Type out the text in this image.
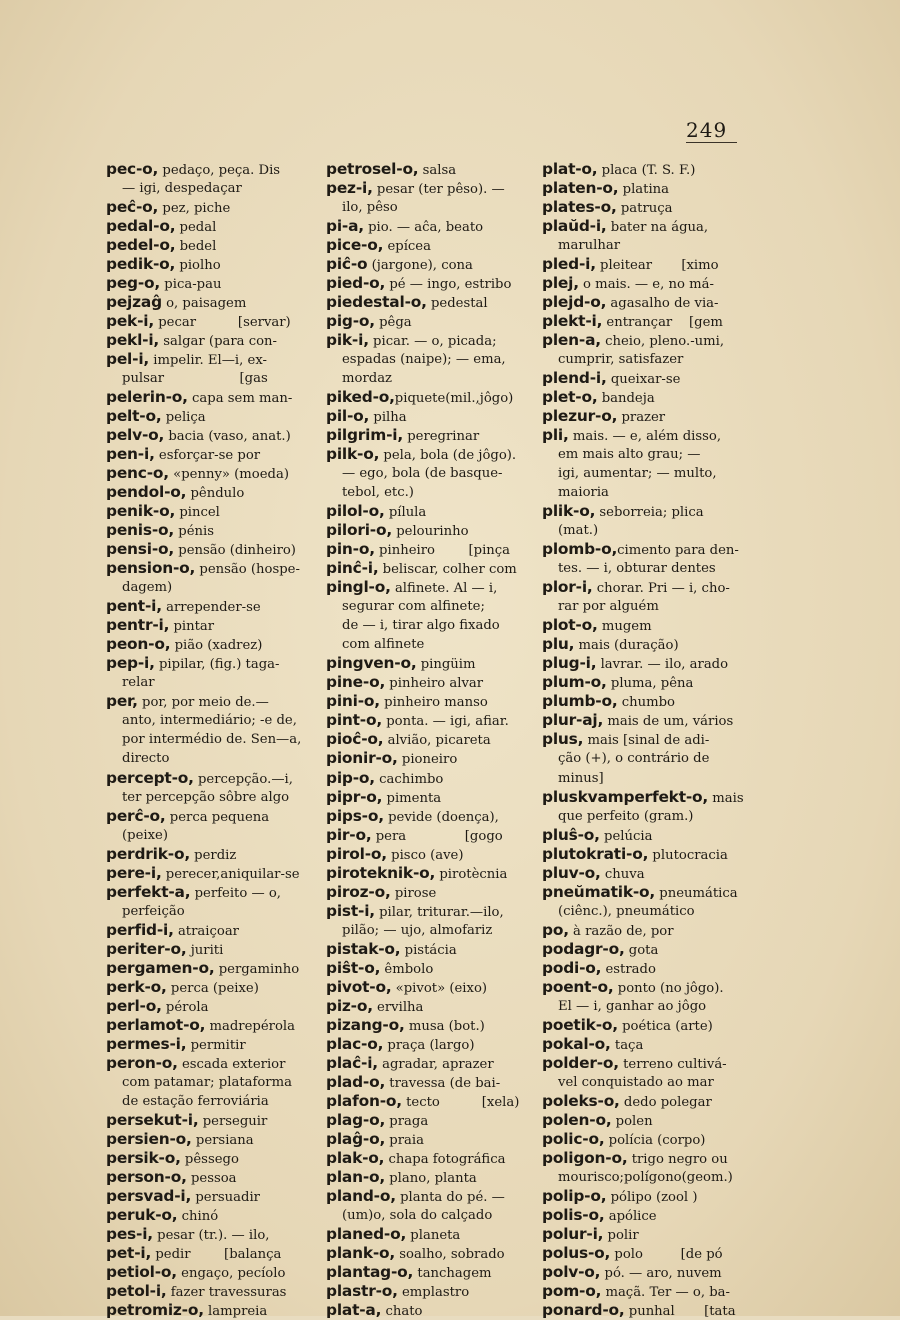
249
pec-o, pedaço, peça. Dis
— igi, despedaçar
peĉ-o, pez, piche
pedal-o, pedal
pedel-o, bedel
pedik-o, piolho
peg-o, pica-pau
pejzaĝ o, paisagem
pek-i, pecar          [servar)
pekl-i, salgar (para con-
pel-i, impelir. El—i, ex-
pulsar                  [gas
pelerin-o, capa sem man-
pelt-o, peliça
pelv-o, bacia (vaso, anat.)
pen-i, esforçar-se por
penc-o, «penny» (moeda)
pendol-o, pêndulo
penik-o, pincel
penis-o, pénis
pensi-o, pensão (dinheiro)
pension-o, pensão (hospe-
dagem)
pent-i, arrepender-se
pentr-i, pintar
peon-o, pião (xadrez)
pep-i, pipilar, (fig.) taga-
relar
per, por, por meio de.—
anto, intermediário; -e de,
por intermédio de. Sen—a,
directo
percept-o, percepção.—i,
ter percepção sôbre algo
perĉ-o, perca pequena
(peixe)
perdrik-o, perdiz
pere-i, perecer,aniquilar-se
perfekt-a, perfeito — o,
perfeição
perfid-i, atraiçoar
periter-o, juriti
pergamen-o, pergaminho
perk-o, perca (peixe)
perl-o, pérola
perlamot-o, madrepérola
permes-i, permitir
peron-o, escada exterior
com patamar; plataforma
de estação ferroviária
persekut-i, perseguir
persien-o, persiana
persik-o, pêssego
person-o, pessoa
persvad-i, persuadir
peruk-o, chinó
pes-i, pesar (tr.). — ilo,
pet-i, pedir        [balança
petiol-o, engaço, pecíolo
petol-i, fazer travessuras
petromiz-o, lampreia
petrosel-o, salsa
pez-i, pesar (ter pêso). —
ilo, pêso
pi-a, pio. — aĉa, beato
pice-o, epícea
piĉ-o (jargone), cona
pied-o, pé — ingo, estribo
piedestal-o, pedestal
pig-o, pêga
pik-i, picar. — o, picada;
espadas (naipe); — ema,
mordaz
piked-o,piquete(mil.,jôgo)
pil-o, pilha
pilgrim-i, peregrinar
pilk-o, pela, bola (de jôgo).
— ego, bola (de basque-
tebol, etc.)
pilol-o, pílula
pilori-o, pelourinho
pin-o, pinheiro        [pinça
pinĉ-i, beliscar, colher com
pingl-o, alfinete. Al — i,
segurar com alfinete;
de — i, tirar algo fixado
com alfinete
pingven-o, pingüim
pine-o, pinheiro alvar
pini-o, pinheiro manso
pint-o, ponta. — igi, afiar.
pioĉ-o, alvião, picareta
pionir-o, pioneiro
pip-o, cachimbo
pipr-o, pimenta
pips-o, pevide (doença),
pir-o, pera              [gogo
pirol-o, pisco (ave)
piroteknik-o, pirotècnia
piroz-o, pirose
pist-i, pilar, triturar.—ilo,
pilão; — ujo, almofariz
pistak-o, pistácia
piŝt-o, êmbolo
pivot-o, «pivot» (eixo)
piz-o, ervilha
pizang-o, musa (bot.)
plac-o, praça (largo)
plaĉ-i, agradar, aprazer
plad-o, travessa (de bai-
plafon-o, tecto          [xela)
plag-o, praga
plaĝ-o, praia
plak-o, chapa fotográfica
plan-o, plano, planta
pland-o, planta do pé. —
(um)o, sola do calçado
planed-o, planeta
plank-o, soalho, sobrado
plantag-o, tanchagem
plastr-o, emplastro
plat-a, chato
plat-o, placa (T. S. F.)
platen-o, platina
plates-o, patruça
plaŭd-i, bater na água,
marulhar
pled-i, pleitear       [ximo
plej, o mais. — e, no má-
plejd-o, agasalho de via-
plekt-i, entrançar    [gem
plen-a, cheio, pleno.-umi,
cumprir, satisfazer
plend-i, queixar-se
plet-o, bandeja
plezur-o, prazer
pli, mais. — e, além disso,
em mais alto grau; —
igi, aumentar; — multo,
maioria
plik-o, seborreia; plica
(mat.)
plomb-o,cimento para den-
tes. — i, obturar dentes
plor-i, chorar. Pri — i, cho-
rar por alguém
plot-o, mugem
plu, mais (duração)
plug-i, lavrar. — ilo, arado
plum-o, pluma, pêna
plumb-o, chumbo
plur-aj, mais de um, vários
plus, mais [sinal de adi-
ção (+), o contrário de
minus]
pluskvamperfekt-o, mais
que perfeito (gram.)
pluŝ-o, pelúcia
plutokrati-o, plutocracia
pluv-o, chuva
pneŭmatik-o, pneumática
(ciênc.), pneumático
po, à razão de, por
podagr-o, gota
podi-o, estrado
poent-o, ponto (no jôgo).
El — i, ganhar ao jôgo
poetik-o, poética (arte)
pokal-o, taça
polder-o, terreno cultivá-
vel conquistado ao mar
poleks-o, dedo polegar
polen-o, polen
polic-o, polícia (corpo)
poligon-o, trigo negro ou
mourisco;polígono(geom.)
polip-o, pólipo (zool )
polis-o, apólice
polur-i, polir
polus-o, polo         [de pó
polv-o, pó. — aro, nuvem
pom-o, maçã. Ter — o, ba-
ponard-o, punhal       [tata
